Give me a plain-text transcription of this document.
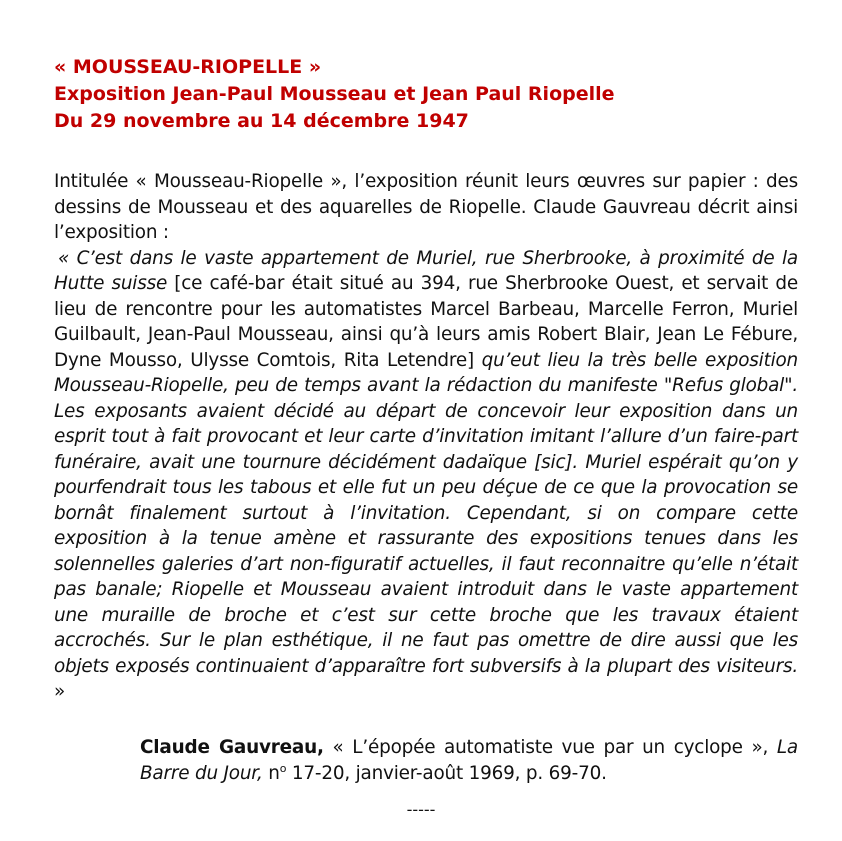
« MOUSSEAU-RIOPELLE »
Exposition Jean-Paul Mousseau et Jean Paul Riopelle
Du 29 novembre au 14 décembre 1947

Intitulée « Mousseau-Riopelle », l’exposition réunit leurs œuvres sur papier : des dessins de Mousseau et des aquarelles de Riopelle. Claude Gauvreau décrit ainsi l’exposition :

« C’est dans le vaste appartement de Muriel, rue Sherbrooke, à proximité de la Hutte suisse [ce café-bar était situé au 394, rue Sherbrooke Ouest, et servait de lieu de rencontre pour les automatistes Marcel Barbeau, Marcelle Ferron, Muriel Guilbault, Jean-Paul Mousseau, ainsi qu’à leurs amis Robert Blair, Jean Le Fébure, Dyne Mousso, Ulysse Comtois, Rita Letendre] qu’eut lieu la très belle exposition Mousseau-Riopelle, peu de temps avant la rédaction du manifeste "Refus global". Les exposants avaient décidé au départ de concevoir leur exposition dans un esprit tout à fait provocant et leur carte d’invitation imitant l’allure d’un faire-part funéraire, avait une tournure décidément dadaïque [sic]. Muriel espérait qu’on y pourfendrait tous les tabous et elle fut un peu déçue de ce que la provocation se bornât finalement surtout à l’invitation. Cependant, si on compare cette exposition à la tenue amène et rassurante des expositions tenues dans les solennelles galeries d’art non-figuratif actuelles, il faut reconnaitre qu’elle n’était pas banale; Riopelle et Mousseau avaient introduit dans le vaste appartement une muraille de broche et c’est sur cette broche que les travaux étaient accrochés. Sur le plan esthétique, il ne faut pas omettre de dire aussi que les objets exposés continuaient d’apparaître fort subversifs à la plupart des visiteurs. »

Claude Gauvreau, « L’épopée automatiste vue par un cyclope », La Barre du Jour, $n^o$ 17-20, janvier-août 1969, p. 69-70.
-----
